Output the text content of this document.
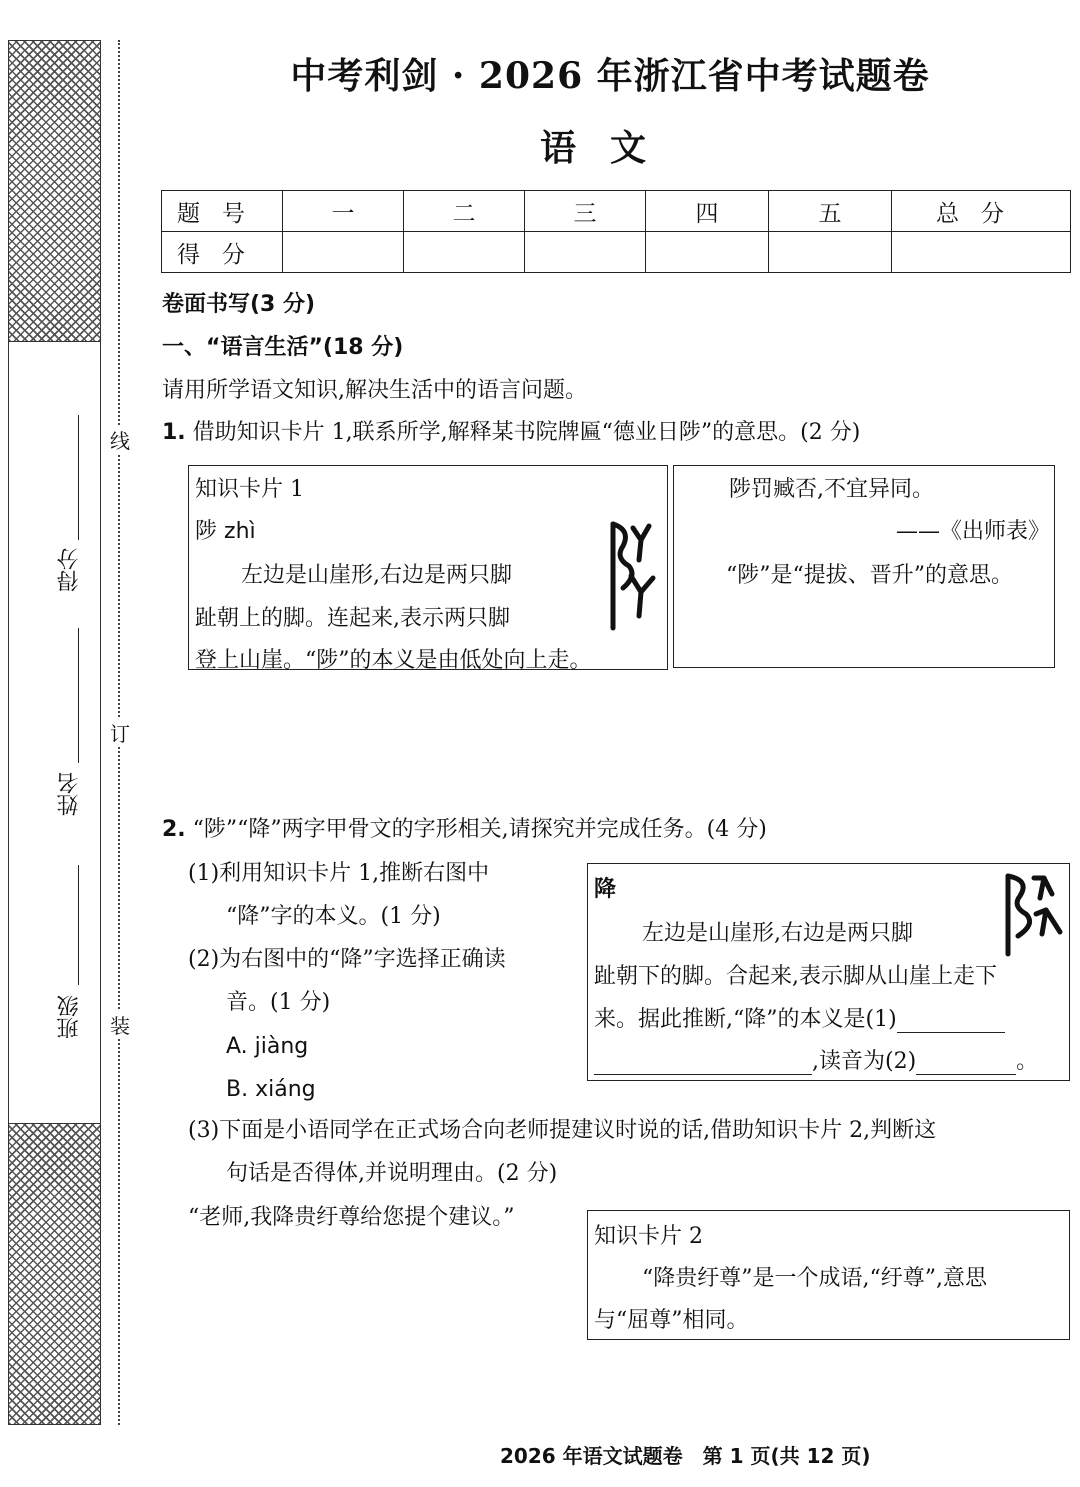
班级
姓名
得分
装
订
线
中考利剑 · 2026 年浙江省中考试题卷
语文
题号	一	二	三	四	五	总分
得分						
卷面书写(3 分)
一、“语言生活”(18 分)
请用所学语文知识,解决生活中的语言问题。
1. 借助知识卡片 1,联系所学,解释某书院牌匾“德业日陟”的意思。(2 分)
知识卡片 1
陟 zhì
左边是山崖形,右边是两只脚
趾朝上的脚。连起来,表示两只脚
登上山崖。“陟”的本义是由低处向上走。
陟罚臧否,不宜异同。
——《出师表》
“陟”是“提拔、晋升”的意思。
2. “陟”“降”两字甲骨文的字形相关,请探究并完成任务。(4 分)
(1)利用知识卡片 1,推断右图中
“降”字的本义。(1 分)
(2)为右图中的“降”字选择正确读
音。(1 分)
A. jiàng
B. xiáng
降
左边是山崖形,右边是两只脚
趾朝下的脚。合起来,表示脚从山崖上走下
来。据此推断,“降”的本义是(1)
,读音为(2)	。
(3)下面是小语同学在正式场合向老师提建议时说的话,借助知识卡片 2,判断这
句话是否得体,并说明理由。(2 分)
“老师,我降贵纡尊给您提个建议。”
知识卡片 2
“降贵纡尊”是一个成语,“纡尊”,意思
与“屈尊”相同。
2026 年语文试题卷　第 1 页(共 12 页)
